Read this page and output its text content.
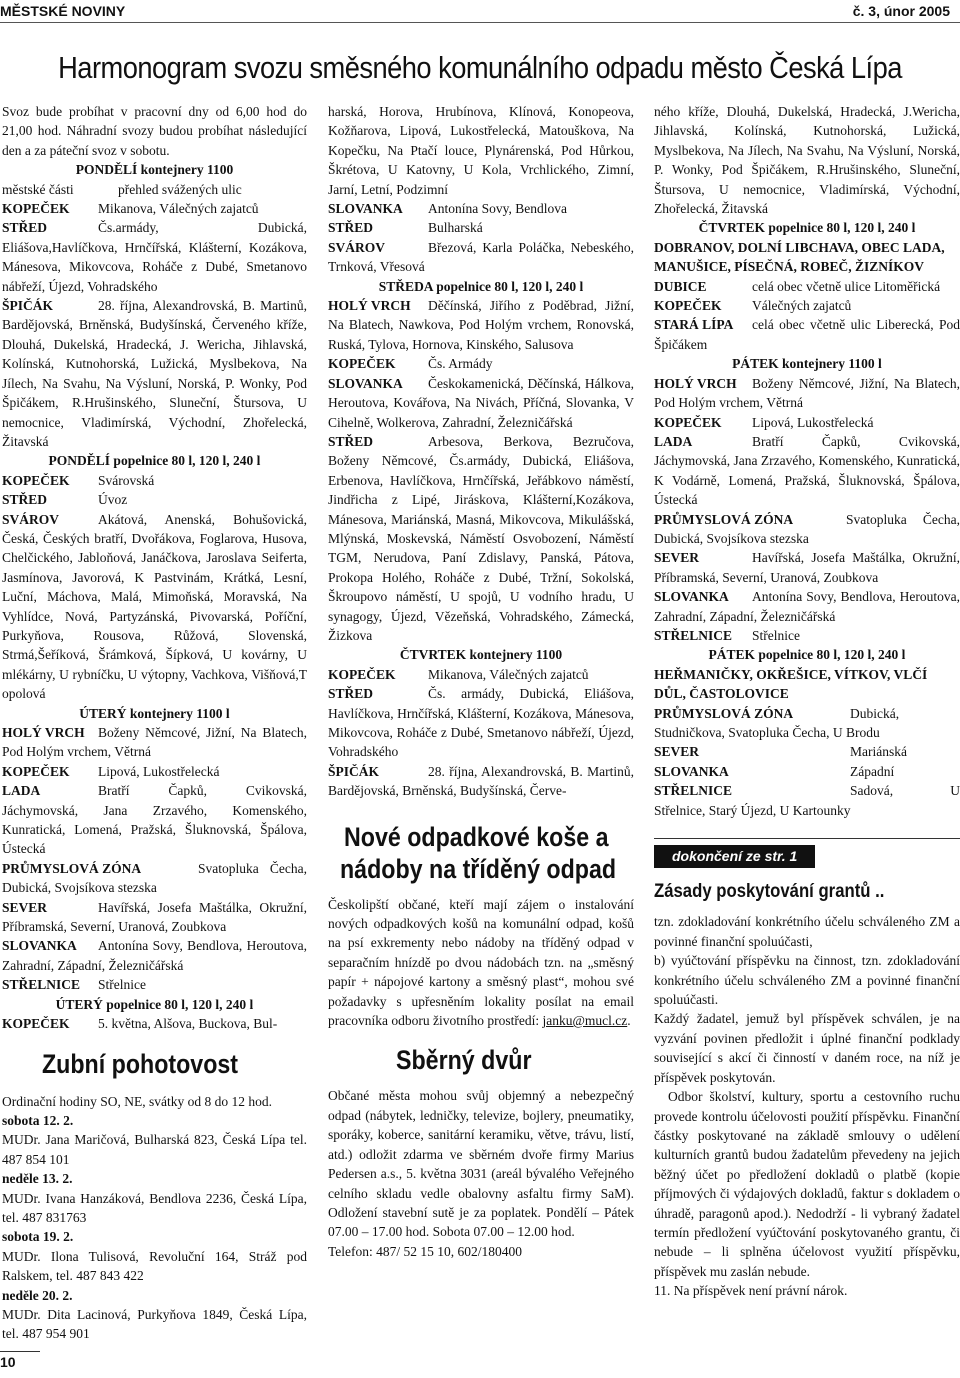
MĚSTSKÉ NOVINY	č. 3, únor 2005
Harmonogram svozu směsného komunálního odpadu město Česká Lípa

Svoz bude probíhat v pracovní dny od 6,00 hod do 21,00 hod. Náhradní svozy budou probíhat následující den a za páteční svoz v sobotu.

PONDĚLÍ kontejnery 1100

městské části	přehled svážených ulic

KOPEČEK Mikanova, Válečných zajatců

STŘED	Čs.armády, Dubická, Eliášova,Havlíčkova, Hrnčířská, Klášterní, Kozákova, Mánesova, Mikovcova, Roháče z Dubé, Smetanovo nábřeží, Újezd, Vohradského

ŠPIČÁK	28. října, Alexandrovská, B. Martinů, Bardějovská, Brněnská, Budyšínská, Červeného kříže, Dlouhá, Dukelská, Hradecká, J. Wericha, Jihlavská, Kolínská, Kutnohorská, Lužická, Myslbekova, Na Jílech, Na Svahu, Na Výsluní, Norská, P. Wonky, Pod Špičákem, R.Hrušinského, Sluneční, Štursova, U nemocnice, Vladimírská, Východní, Zhořelecká, Žitavská

PONDĚLÍ popelnice 80 l, 120 l, 240 l

KOPEČEK Svárovská

STŘED	Úvoz

SVÁROV	Akátová, Anenská, Bohušovická, Česká, Českých bratří, Dvořákova, Foglarova, Husova, Chelčického, Jabloňová, Janáčkova, Jaroslava Seiferta, Jasmínova, Javorová, K Pastvinám, Krátká, Lesní, Luční, Máchova, Malá, Mimoňská, Moravská, Na Vyhlídce, Nová, Partyzánská, Pivovarská, Poříční, Purkyňova, Rousova, Růžová, Slovenská, Strmá,Šeříková, Šrámková, Šípková, U kovárny, U mlékárny, U rybníčku, U výtopny, Vachkova, Višňová,T opolová

ÚTERÝ kontejnery 1100 l

HOLÝ VRCH Boženy Němcové, Jižní, Na Blatech, Pod Holým vrchem, Větrná

KOPEČEK Lipová, Lukostřelecká

LADA	Bratří Čapků, Cvikovská, Jáchymovská, Jana Zrzavého, Komenského, Kunratická, Lomená, Pražská, Šluknovská, Špálova, Ústecká

PRŮMYSLOVÁ ZÓNA	Svatopluka Čecha, Dubická, Svojsíkova stezska

SEVER	Havířská, Josefa Maštálka, Okružní, Příbramská, Severní, Uranová, Zoubkova

SLOVANKA Antonína Sovy, Bendlova, Heroutova, Zahradní, Západní, Železničářská

STŘELNICE Střelnice

ÚTERÝ popelnice 80 l, 120 l, 240 l

KOPEČEK 5. května, Alšova, Buckova, Bul-

Zubní pohotovost

Ordinační hodiny SO, NE, svátky od 8 do 12 hod.

sobota 12. 2.

MUDr. Jana Maričová, Bulharská 823, Česká Lípa tel. 487 854 101

neděle 13. 2.

MUDr. Ivana Hanzáková, Bendlova 2236, Česká Lípa, tel. 487 831763

sobota 19. 2.

MUDr. Ilona Tulisová, Revoluční 164, Stráž pod Ralskem, tel. 487 843 422

neděle 20. 2.

MUDr. Dita Lacinová, Purkyňova 1849, Česká Lípa, tel. 487 954 901

harská, Horova, Hrubínova, Klínová, Konopeova, Kožňarova, Lipová, Lukostřelecká, Matouškova, Na Kopečku, Na Ptačí louce, Plynárenská, Pod Hůrkou, Škrétova, U Katovny, U Kola, Vrchlického, Zimní, Jarní, Letní, Podzimní

SLOVANKA Antonína Sovy, Bendlova

STŘED	Bulharská

SVÁROV	Březová, Karla Poláčka, Nebeského, Trnková, Vřesová

STŘEDA popelnice 80 l, 120 l, 240 l

HOLÝ VRCH Děčínská, Jiřího z Poděbrad, Jižní, Na Blatech, Nawkova, Pod Holým vrchem, Ronovská, Ruská, Tylova, Hornova, Kinského, Salusova

KOPEČEK Čs. Armády

SLOVANKA Českokamenická, Děčínská, Hálkova, Heroutova, Kovářova, Na Nivách, Příčná, Slovanka, V Cihelně, Wolkerova, Zahradní, Železničářská

STŘED	Arbesova, Berkova, Bezručova, Boženy Němcové, Čs.armády, Dubická, Eliášova, Erbenova, Havlíčkova, Hrnčířská, Jeřábkovo náměstí, Jindřicha z Lipé, Jiráskova, Klášterní,Kozákova, Mánesova, Mariánská, Masná, Mikovcova, Mikulášská, Mlýnská, Moskevská, Náměstí Osvobození, Náměstí TGM, Nerudova, Paní Zdislavy, Panská, Pátova, Prokopa Holého, Roháče z Dubé, Tržní, Sokolská, Škroupovo náměstí, U spojů, U vodního hradu, U synagogy, Újezd, Vězeňská, Vohradského, Zámecká, Žizkova

ČTVRTEK kontejnery 1100

KOPEČEK Mikanova, Válečných zajatců

STŘED	Čs. armády, Dubická, Eliášova, Havlíčkova, Hrnčířská, Klášterní, Kozákova, Mánesova, Mikovcova, Roháče z Dubé, Smetanovo nábřeží, Újezd, Vohradského

ŠPIČÁK	28. října, Alexandrovská, B. Martinů, Bardějovská, Brněnská, Budyšínská, Červe-

Nové odpadkové koše a
nádoby na tříděný odpad

Českolipští občané, kteří mají zájem o instalování nových odpadkových košů na komunální odpad, košů na psí exkrementy nebo nádoby na tříděný odpad v separačním hnízdě po dvou nádobách tzn. na „směsný papír + nápojové kartony a směsný plast“, mohou své požadavky s upřesněním lokality posílat na email pracovníka odboru životního prostředí: janku@mucl.cz.

Sběrný dvůr

Občané města mohou svůj objemný a nebezpečný odpad (nábytek, ledničky, televize, bojlery, pneumatiky, sporáky, koberce, sanitární keramiku, větve, trávu, listí, atd.) odložit zdarma ve sběrném dvoře firmy Marius Pedersen a.s., 5. května 3031 (areál bývalého Veřejného celního skladu vedle obalovny asfaltu firmy SaM). Odložení stavební sutě je za poplatek. Pondělí – Pátek 07.00 – 17.00 hod. Sobota 07.00 – 12.00 hod.

Telefon: 487/ 52 15 10, 602/180400

ného kříže, Dlouhá, Dukelská, Hradecká, J.Wericha, Jihlavská, Kolínská, Kutnohorská, Lužická, Myslbekova, Na Jílech, Na Svahu, Na Výsluní, Norská, P. Wonky, Pod Špičákem, R.Hrušinského, Sluneční, Štursova, U nemocnice, Vladimírská, Východní, Zhořelecká, Žitavská

ČTVRTEK popelnice 80 l, 120 l, 240 l

DOBRANOV, DOLNÍ LIBCHAVA, OBEC LADA, MANUŠICE, PÍSEČNÁ, ROBEČ, ŽIZNÍKOV

DUBICE	celá obec včetně ulice Litoměřická

KOPEČEK Válečných zajatců

STARÁ LÍPA celá obec včetně ulic Liberecká, Pod Špičákem

PÁTEK kontejnery 1100 l

HOLÝ VRCH Boženy Němcové, Jižní, Na Blatech, Pod Holým vrchem, Větrná

KOPEČEK Lipová, Lukostřelecká

LADA	Bratří Čapků, Cvikovská, Jáchymovská, Jana Zrzavého, Komenského, Kunratická, K Vodárně, Lomená, Pražská, Šluknovská, Špálova, Ústecká

PRŮMYSLOVÁ ZÓNA	Svatopluka Čecha, Dubická, Svojsíkova stezska

SEVER	Havířská, Josefa Maštálka, Okružní, Příbramská, Severní, Uranová, Zoubkova

SLOVANKA Antonína Sovy, Bendlova, Heroutova, Zahradní, Západní, Železničářská

STŘELNICE Střelnice

PÁTEK popelnice 80 l, 120 l, 240 l

HEŘMANIČKY, OKŘEŠICE, VÍTKOV, VLČÍ DŮL, ČASTOLOVICE

PRŮMYSLOVÁ ZÓNA	Dubická, Studničkova, Svatopluka Čecha, U Brodu

SEVER	Mariánská

SLOVANKA	Západní

STŘELNICE	Sadová, U Střelnice, Starý Újezd, U Kartounky

dokončení ze str. 1
Zásady poskytování grantů ..

tzn. zdokladování konkrétního účelu schváleného ZM a povinné finanční spoluúčasti,

b) vyúčtování příspěvku na činnost, tzn. zdokladování konkrétního účelu schváleného ZM a povinné finanční spoluúčasti.

Každý žadatel, jemuž byl příspěvek schválen, je na vyzvání povinen předložit i úplné finanční podklady související s akcí či činností v daném roce, na níž je příspěvek poskytován.

Odbor školství, kultury, sportu a cestovního ruchu provede kontrolu účelovosti použití příspěvku. Finanční částky poskytované na základě smlouvy o udělení kulturních grantů budou žadatelům převedeny na jejich běžný účet po předložení dokladů o platbě (kopie příjmových či výdajových dokladů, faktur s dokladem o úhradě, paragonů apod.). Nedodrží - li vybraný žadatel termín předložení vyúčtování poskytovaného grantu, či nebude – li splněna účelovost využití příspěvku, příspěvek mu zaslán nebude.

11. Na příspěvek není právní nárok.

10
